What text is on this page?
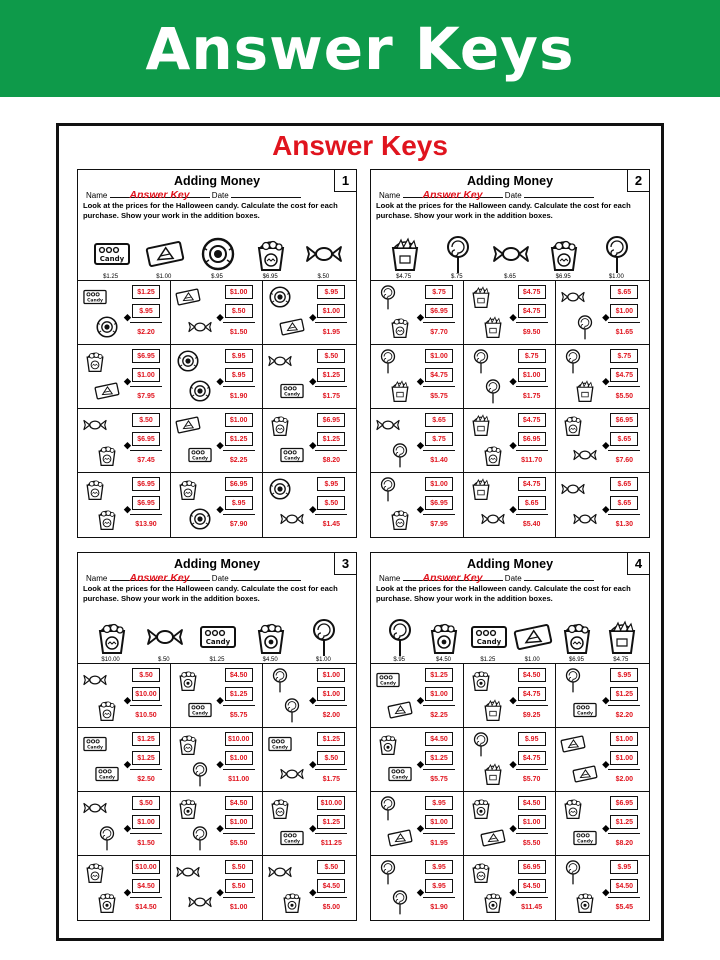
Answer Keys
Answer Keys
Adding Money	1
Name Answer Key Date
Look at the prices for the Halloween candy. Calculate the cost for each purchase. Show your work in the addition boxes.
Candy
$1.25	$1.00	$.95	$6.95	$.50
Candy
◆
$1.25
$.95
$2.20
◆
$1.00
$.50
$1.50
◆
$.95
$1.00
$1.95
◆
$6.95
$1.00
$7.95
◆
$.95
$.95
$1.90	Candy
◆
$.50
$1.25
$1.75
◆
$.50
$6.95
$7.45	Candy
◆
$1.00
$1.25
$2.25	Candy
◆
$6.95
$1.25
$8.20
◆
$6.95
$6.95
$13.90
◆
$6.95
$.95
$7.90
◆
$.95
$.50
$1.45
Adding Money	2
Name Answer Key Date
Look at the prices for the Halloween candy. Calculate the cost for each purchase. Show your work in the addition boxes.
$4.75	$.75	$.65	$6.95	$1.00
◆
$.75
$6.95
$7.70
◆
$4.75
$4.75
$9.50
◆
$.65
$1.00
$1.65
◆
$1.00
$4.75
$5.75
◆
$.75
$1.00
$1.75
◆
$.75
$4.75
$5.50
◆
$.65
$.75
$1.40
◆
$4.75
$6.95
$11.70
◆
$6.95
$.65
$7.60
◆
$1.00
$6.95
$7.95
◆
$4.75
$.65
$5.40
◆
$.65
$.65
$1.30
Adding Money	3
Name Answer Key Date
Look at the prices for the Halloween candy. Calculate the cost for each purchase. Show your work in the addition boxes.
$10.00	$.50
Candy
$1.25	$4.50	$1.00
◆
$.50
$10.00
$10.50	Candy
◆
$4.50
$1.25
$5.75
◆
$1.00
$1.00
$2.00
Candy
Candy
◆
$1.25
$1.25
$2.50
◆
$10.00
$1.00
$11.00
Candy
◆
$1.25
$.50
$1.75
◆
$.50
$1.00
$1.50
◆
$4.50
$1.00
$5.50	Candy
◆
$10.00
$1.25
$11.25
◆
$10.00
$4.50
$14.50
◆
$.50
$.50
$1.00
◆
$.50
$4.50
$5.00
Adding Money	4
Name Answer Key Date
Look at the prices for the Halloween candy. Calculate the cost for each purchase. Show your work in the addition boxes.
$.95	$4.50
Candy
$1.25	$1.00	$6.95	$4.75
Candy
◆
$1.25
$1.00
$2.25
◆
$4.50
$4.75
$9.25	Candy
◆
$.95
$1.25
$2.20
Candy
◆
$4.50
$1.25
$5.75
◆
$.95
$4.75
$5.70
◆
$1.00
$1.00
$2.00
◆
$.95
$1.00
$1.95
◆
$4.50
$1.00
$5.50	Candy
◆
$6.95
$1.25
$8.20
◆
$.95
$.95
$1.90
◆
$6.95
$4.50
$11.45
◆
$.95
$4.50
$5.45
